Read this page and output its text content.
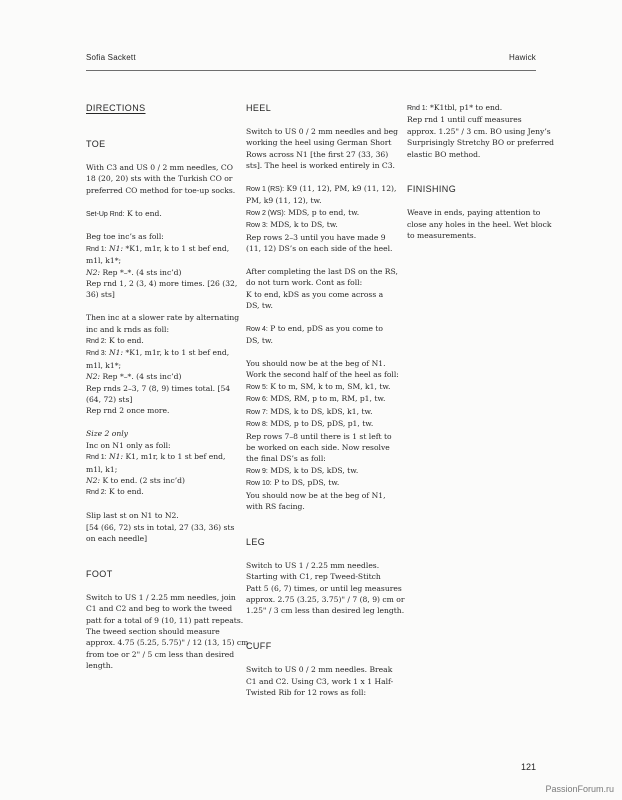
Sofia Sackett	Hawick
DIRECTIONS
TOE
With C3 and US 0 / 2 mm needles, CO
18 (20, 20) sts with the Turkish CO or
preferred CO method for toe-up socks.
Set-Up Rnd: K to end.
Beg toe inc’s as foll:
Rnd 1: N1: *K1, m1r, k to 1 st bef end,
m1l, k1*;
N2: Rep *–*. (4 sts inc’d)
Rep rnd 1, 2 (3, 4) more times. [26 (32,
36) sts]
Then inc at a slower rate by alternating
inc and k rnds as foll:
Rnd 2: K to end.
Rnd 3: N1: *K1, m1r, k to 1 st bef end,
m1l, k1*;
N2: Rep *–*. (4 sts inc’d)
Rep rnds 2–3, 7 (8, 9) times total. [54
(64, 72) sts]
Rep rnd 2 once more.
Size 2 only
Inc on N1 only as foll:
Rnd 1: N1: K1, m1r, k to 1 st bef end,
m1l, k1;
N2: K to end. (2 sts inc’d)
Rnd 2: K to end.
Slip last st on N1 to N2.
[54 (66, 72) sts in total, 27 (33, 36) sts
on each needle]
FOOT
Switch to US 1 / 2.25 mm needles, join
C1 and C2 and beg to work the tweed
patt for a total of 9 (10, 11) patt repeats.
The tweed section should measure
approx. 4.75 (5.25, 5.75)" / 12 (13, 15) cm
from toe or 2" / 5 cm less than desired
length.
HEEL
Switch to US 0 / 2 mm needles and beg
working the heel using German Short
Rows across N1 [the first 27 (33, 36)
sts]. The heel is worked entirely in C3.
Row 1 (RS): K9 (11, 12), PM, k9 (11, 12),
PM, k9 (11, 12), tw.
Row 2 (WS): MDS, p to end, tw.
Row 3: MDS, k to DS, tw.
Rep rows 2–3 until you have made 9
(11, 12) DS’s on each side of the heel.
After completing the last DS on the RS,
do not turn work. Cont as foll:
K to end, kDS as you come across a
DS, tw.
Row 4: P to end, pDS as you come to
DS, tw.
You should now be at the beg of N1.
Work the second half of the heel as foll:
Row 5: K to m, SM, k to m, SM, k1, tw.
Row 6: MDS, RM, p to m, RM, p1, tw.
Row 7: MDS, k to DS, kDS, k1, tw.
Row 8: MDS, p to DS, pDS, p1, tw.
Rep rows 7–8 until there is 1 st left to
be worked on each side. Now resolve
the final DS’s as foll:
Row 9: MDS, k to DS, kDS, tw.
Row 10: P to DS, pDS, tw.
You should now be at the beg of N1,
with RS facing.
LEG
Switch to US 1 / 2.25 mm needles.
Starting with C1, rep Tweed-Stitch
Patt 5 (6, 7) times, or until leg measures
approx. 2.75 (3.25, 3.75)" / 7 (8, 9) cm or
1.25" / 3 cm less than desired leg length.
CUFF
Switch to US 0 / 2 mm needles. Break
C1 and C2. Using C3, work 1 x 1 Half-
Twisted Rib for 12 rows as foll:
Rnd 1: *K1tbl, p1* to end.
Rep rnd 1 until cuff measures
approx. 1.25" / 3 cm. BO using Jeny’s
Surprisingly Stretchy BO or preferred
elastic BO method.
FINISHING
Weave in ends, paying attention to
close any holes in the heel. Wet block
to measurements.
121
PassionForum.ru
